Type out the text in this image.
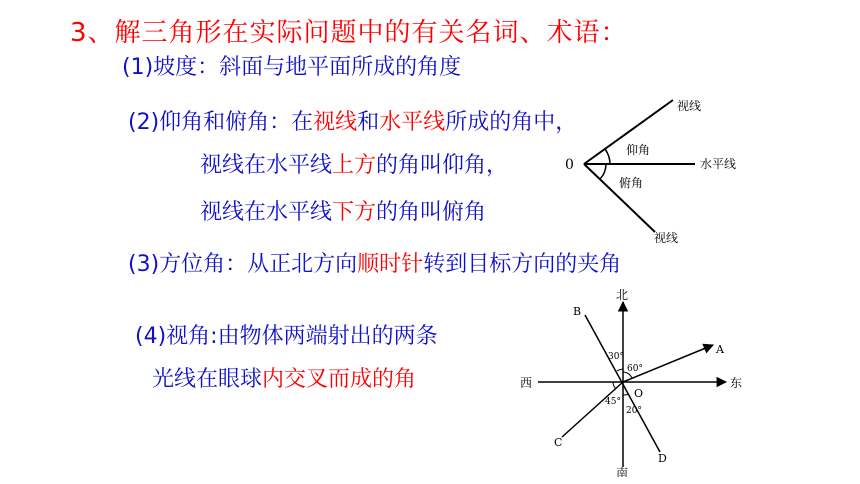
3、解三角形在实际问题中的有关名词、术语：
(1)坡度：斜面与地平面所成的角度
(2)仰角和俯角：在视线和水平线所成的角中，
视线在水平线上方的角叫仰角，
视线在水平线下方的角叫俯角
(3)方位角：从正北方向顺时针转到目标方向的夹角
(4)视角:由物体两端射出的两条
光线在眼球内交叉而成的角
0
视线
仰角
水平线
俯角
视线
北
南
东
西
O
A
B
C
D
30°
60°
45°
20°
